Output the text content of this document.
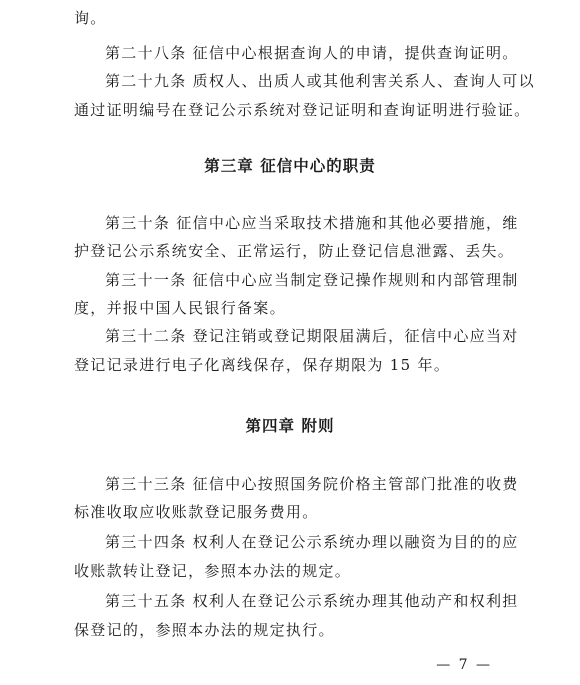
询。
第二十八条 征信中心根据查询人的申请，提供查询证明。
第二十九条 质权人、出质人或其他利害关系人、查询人可以
通过证明编号在登记公示系统对登记证明和查询证明进行验证。
第三章 征信中心的职责
第三十条 征信中心应当采取技术措施和其他必要措施，维
护登记公示系统安全、正常运行，防止登记信息泄露、丢失。
第三十一条 征信中心应当制定登记操作规则和内部管理制
度，并报中国人民银行备案。
第三十二条 登记注销或登记期限届满后，征信中心应当对
登记记录进行电子化离线保存，保存期限为 15 年。
第四章 附则
第三十三条 征信中心按照国务院价格主管部门批准的收费
标准收取应收账款登记服务费用。
第三十四条 权利人在登记公示系统办理以融资为目的的应
收账款转让登记，参照本办法的规定。
第三十五条 权利人在登记公示系统办理其他动产和权利担
保登记的，参照本办法的规定执行。
— 7 —
